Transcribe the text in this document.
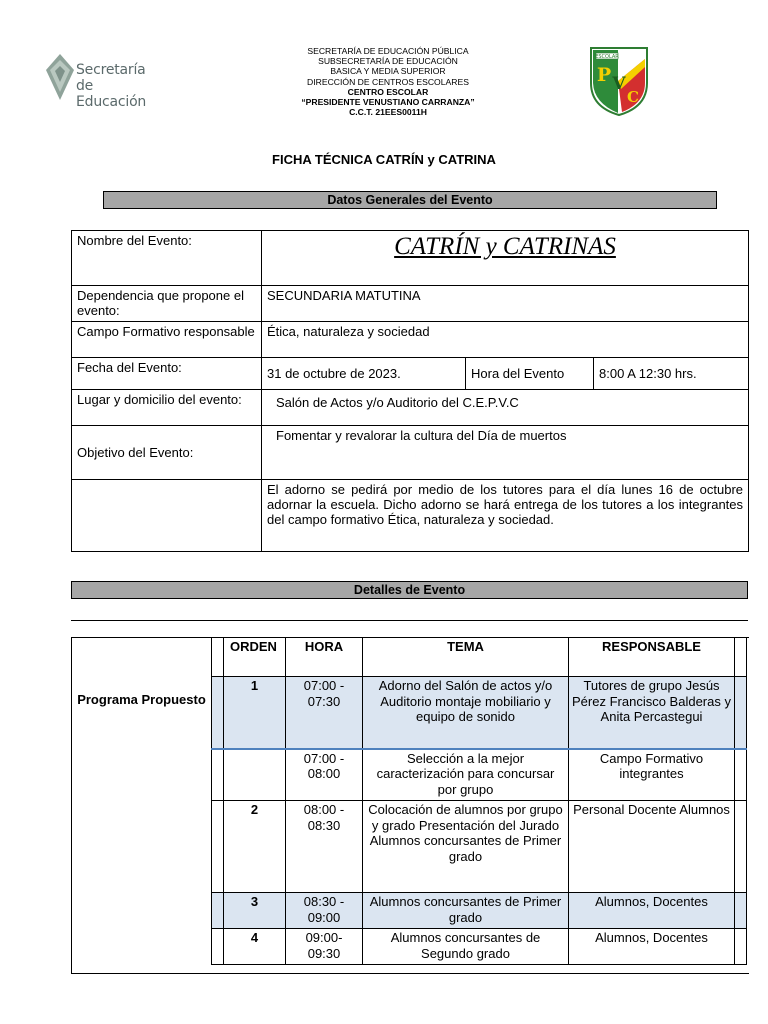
Secretaría
de Educación
SECRETARÍA DE EDUCACIÓN PÚBLICA
SUBSECRETARÍA DE EDUCACIÓN
BASICA Y MEDIA SUPERIOR
DIRECCIÓN DE CENTROS ESCOLARES
CENTRO ESCOLAR
“PRESIDENTE VENUSTIANO CARRANZA”
C.C.T. 21EES0011H
ESCOLAR
P V
C
FICHA TÉCNICA CATRÍN y CATRINA
Datos Generales del Evento
Nombre del Evento:	CATRÍN y CATRINAS		

Dependencia que propone el evento:	SECUNDARIA MATUTINA		
Campo Formativo responsable	Ética, naturaleza y sociedad		
Fecha del Evento:	31 de octubre de 2023.	Hora del Evento	8:00 A 12:30 hrs.
Lugar y domicilio del evento:	Salón de Actos y/o Auditorio del C.E.P.V.C		
Objetivo del Evento:	Fomentar y revalorar la cultura del Día de muertos		
	El adorno se pedirá por medio de los tutores para el día lunes 16 de octubre adornar la escuela. Dicho adorno se hará entrega de los tutores a los integrantes del campo formativo Ética, naturaleza y sociedad.		
Detalles de Evento
Programa Propuesto
	ORDEN	HORA	TEMA	RESPONSABLE	
	1	07:00 - 07:30	Adorno del Salón de actos y/o Auditorio montaje mobiliario y equipo de sonido	Tutores de grupo Jesús Pérez Francisco Balderas y Anita Percastegui	
		07:00 - 08:00	Selección a la mejor caracterización para concursar por grupo	Campo Formativo integrantes	
	2	08:00 - 08:30	Colocación de alumnos por grupo y grado Presentación del Jurado Alumnos concursantes de Primer grado	Personal Docente Alumnos	
	3	08:30 - 09:00	Alumnos concursantes de Primer grado	Alumnos, Docentes	
	4	09:00- 09:30	Alumnos concursantes de Segundo grado	Alumnos, Docentes	
